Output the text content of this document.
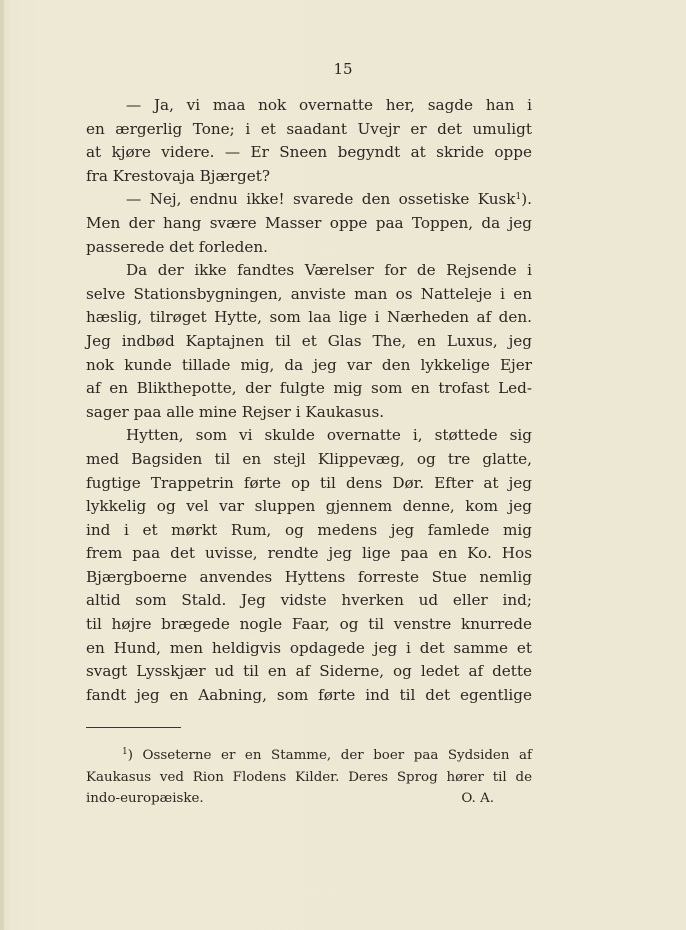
15
— Ja, vi maa nok overnatte her, sagde han i
en ærgerlig Tone; i et saadant Uvejr er det umuligt
at kjøre videre. — Er Sneen begyndt at skride oppe
fra Krestovaja Bjærget?
— Nej, endnu ikke! svarede den ossetiske Kusk$^1$).
Men der hang svære Masser oppe paa Toppen, da jeg
passerede det forleden.
Da der ikke fandtes Værelser for de Rejsende i
selve Stationsbygningen, anviste man os Natteleje i en
hæslig, tilrøget Hytte, som laa lige i Nærheden af den.
Jeg indbød Kaptajnen til et Glas The, en Luxus, jeg
nok kunde tillade mig, da jeg var den lykkelige Ejer
af en Blikthepotte, der fulgte mig som en trofast Led-
sager paa alle mine Rejser i Kaukasus.
Hytten, som vi skulde overnatte i, støttede sig
med Bagsiden til en stejl Klippevæg, og tre glatte,
fugtige Trappetrin førte op til dens Dør. Efter at jeg
lykkelig og vel var sluppen gjennem denne, kom jeg
ind i et mørkt Rum, og medens jeg famlede mig
frem paa det uvisse, rendte jeg lige paa en Ko. Hos
Bjærgboerne anvendes Hyttens forreste Stue nemlig
altid som Stald. Jeg vidste hverken ud eller ind;
til højre brægede nogle Faar, og til venstre knurrede
en Hund, men heldigvis opdagede jeg i det samme et
svagt Lysskjær ud til en af Siderne, og ledet af dette
fandt jeg en Aabning, som førte ind til det egentlige
$^1$) Osseterne er en Stamme, der boer paa Sydsiden af
Kaukasus ved Rion Flodens Kilder. Deres Sprog hører til de
indo-europæiske.	O. A.
